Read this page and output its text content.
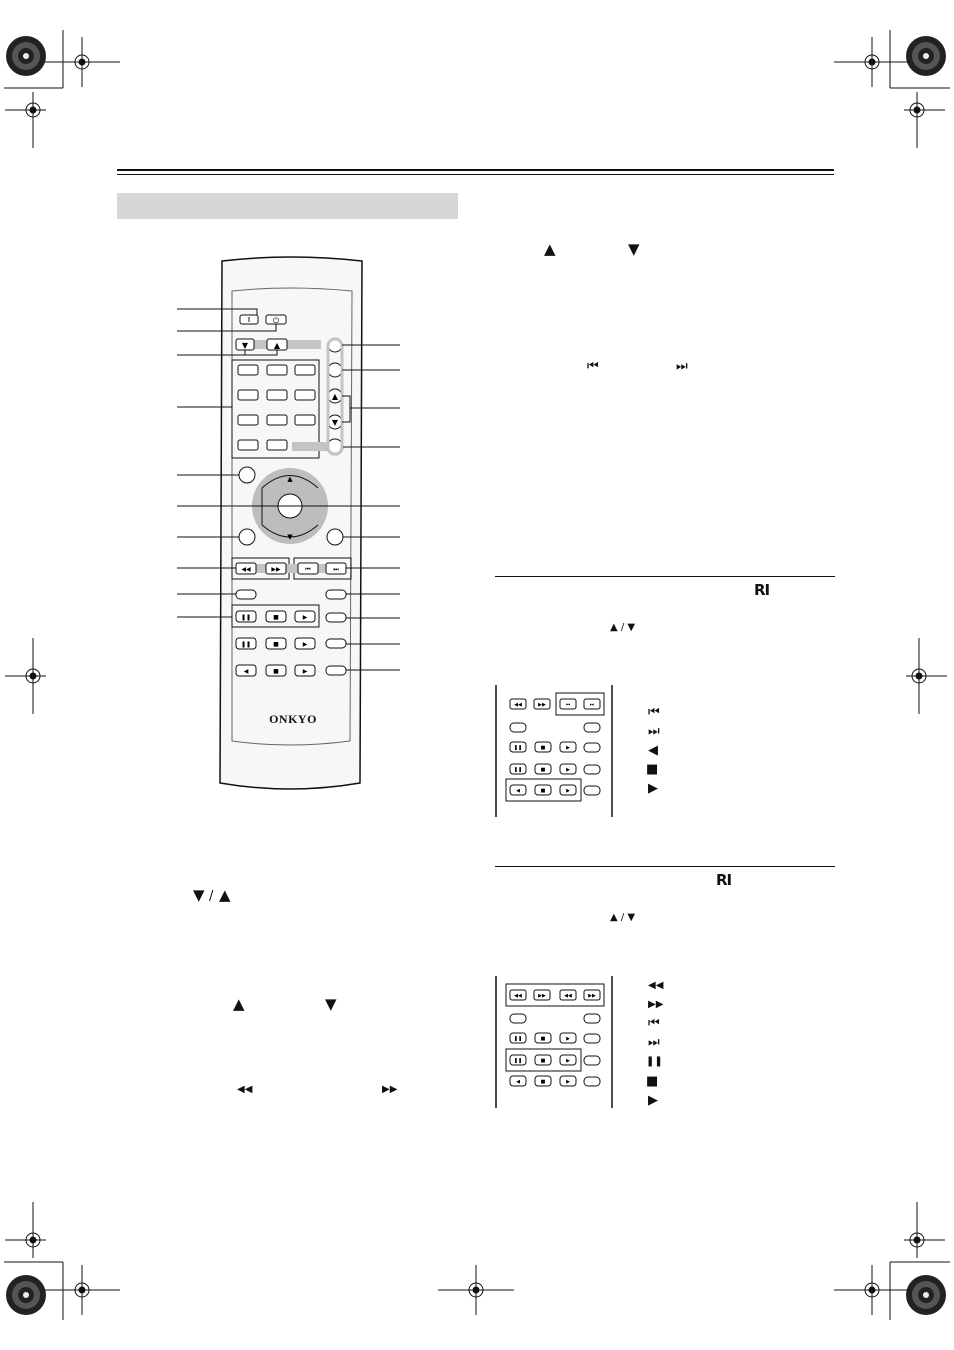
⏻
▼	▲
▲
▼
▲
▼
◀◀	▶▶	⏮	⏭
❚❚	■	▶
❚❚	■	▶
◀	■	▶
ONKYO
▲	▼
⏮	⏭
▼ / ▲
▲	▼
◀◀	▶▶
RI
▲ / ▼
◀◀	▶▶	⏮	⏭
❚❚	■	▶
❚❚	■	▶
◀	■	▶
⏮
⏭
◀
■
▶
RI
▲ / ▼
◀◀	▶▶	◀◀	▶▶
❚❚	■	▶
❚❚	■	▶
◀	■	▶
◀◀
▶▶
⏮
⏭
❚❚
■
▶
